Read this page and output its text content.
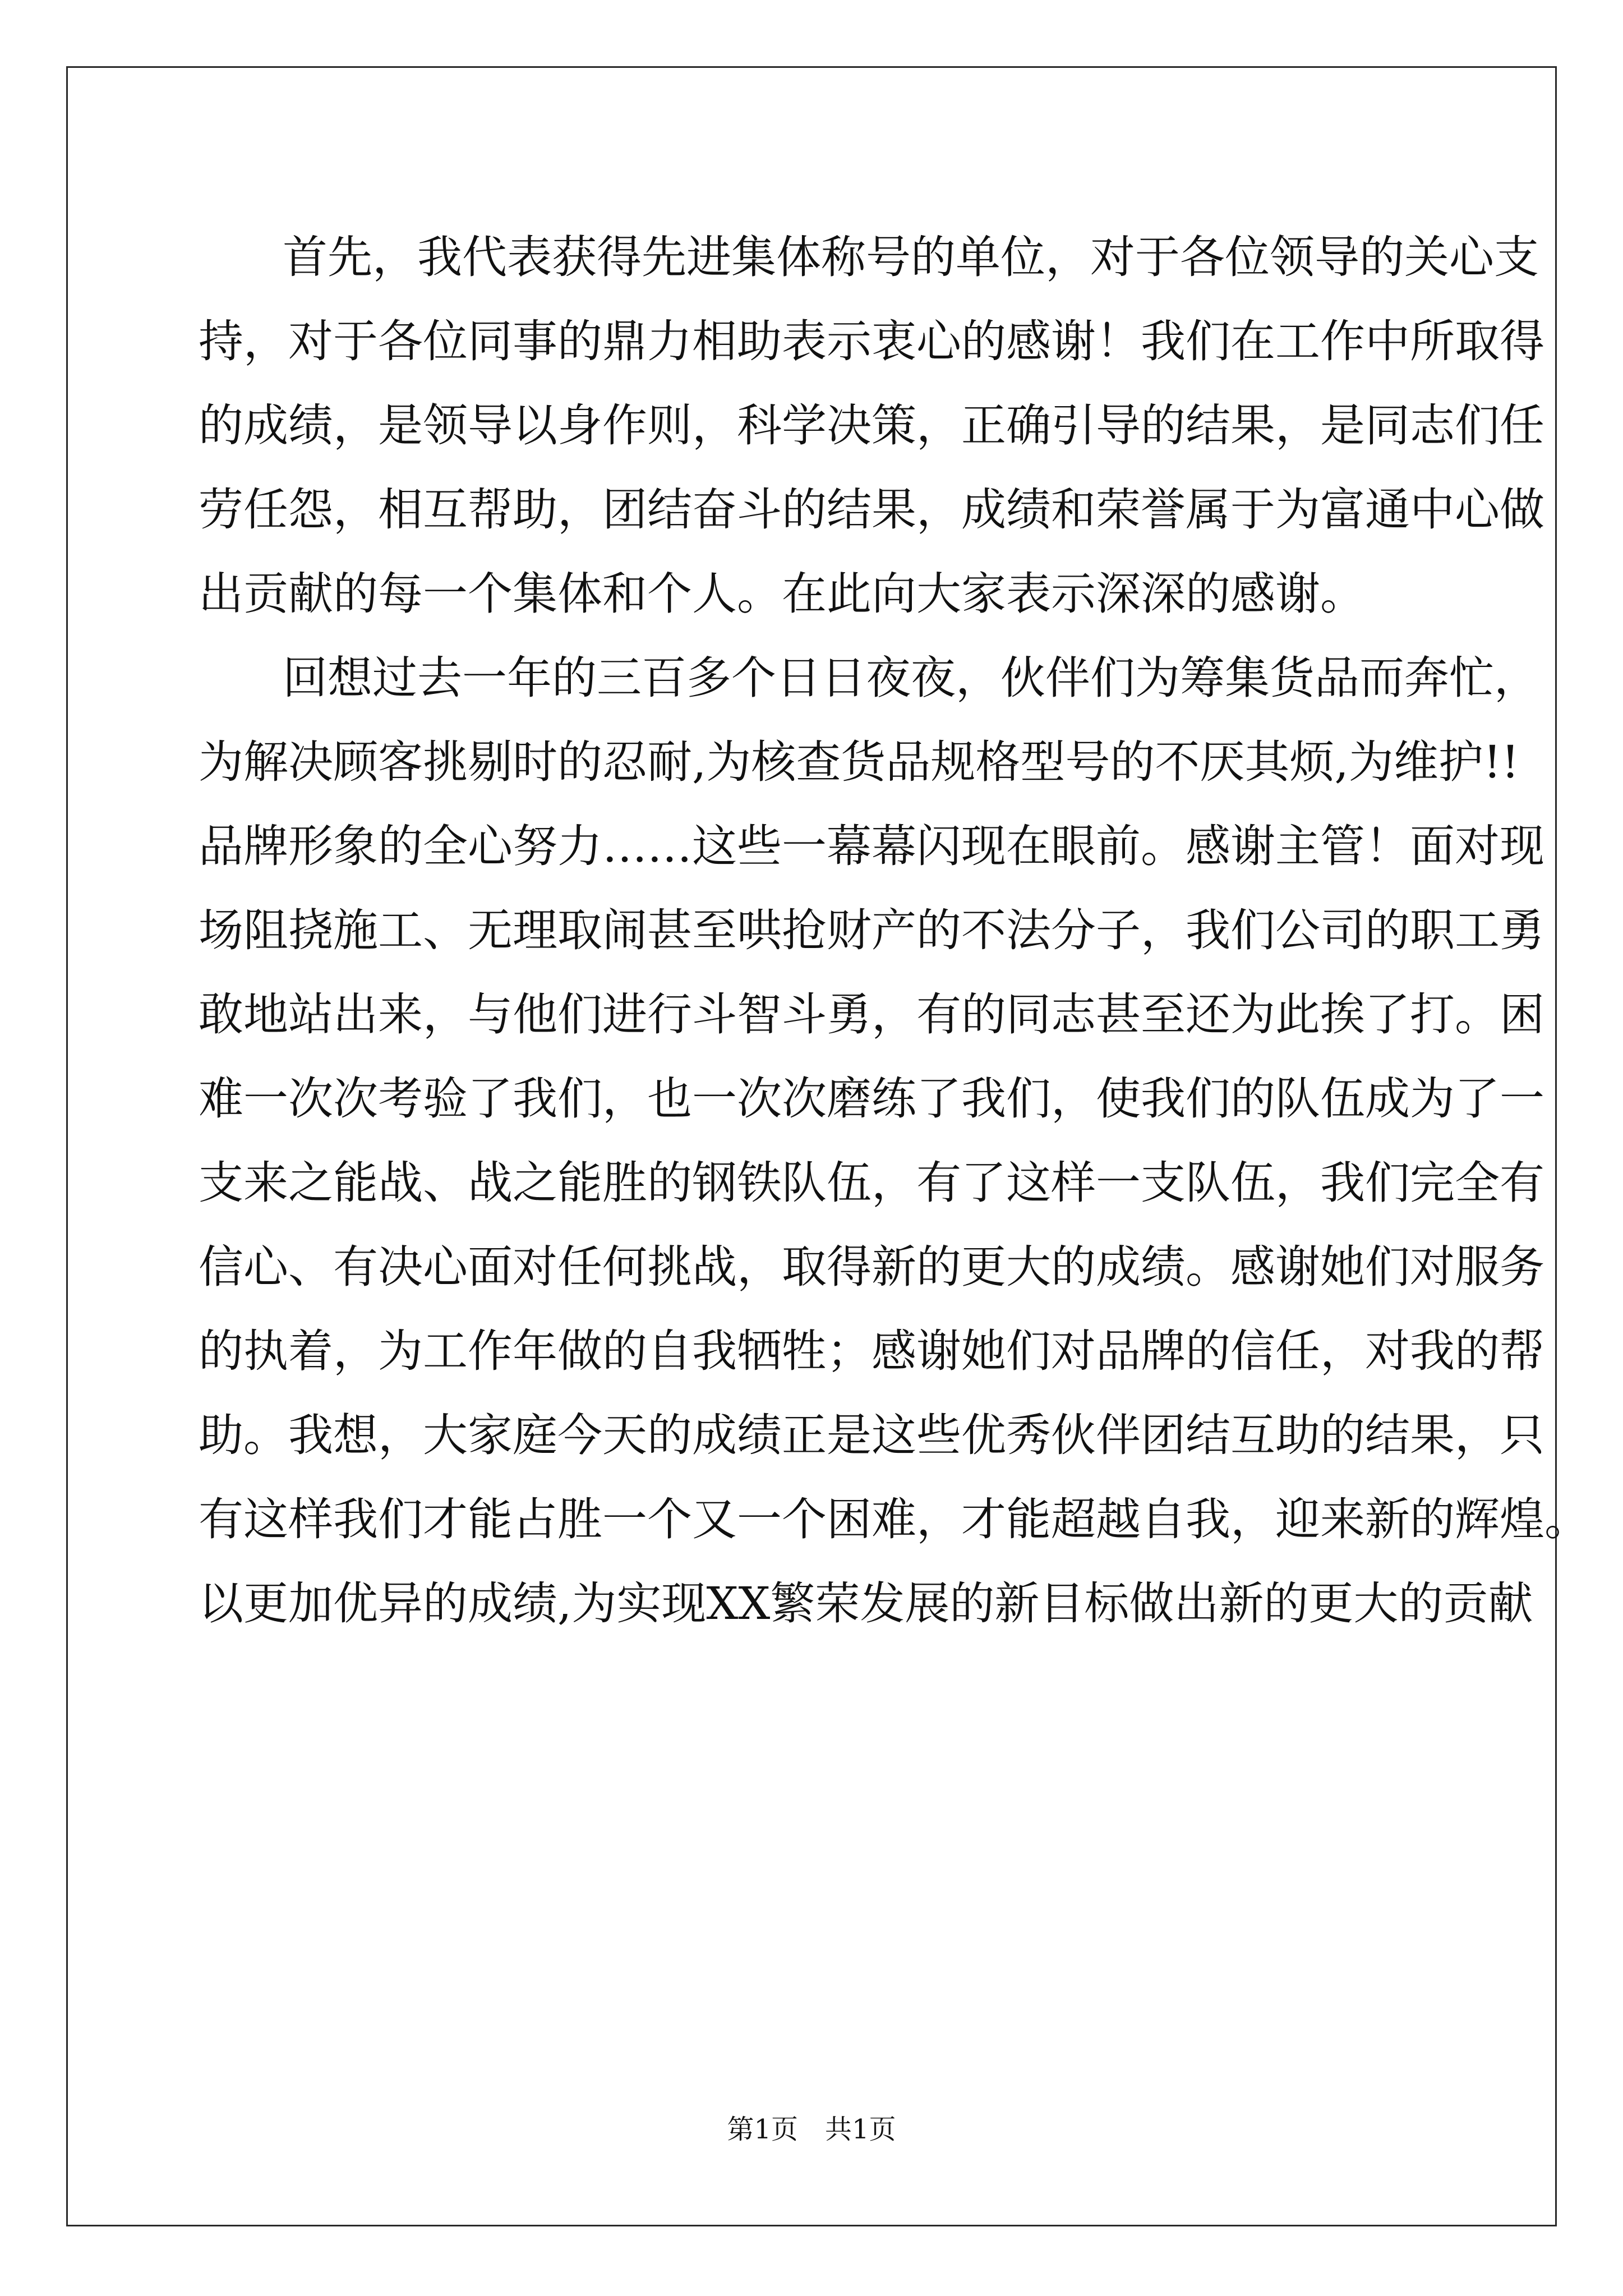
首先，我代表获得先进集体称号的单位，对于各位领导的关心支
持，对于各位同事的鼎力相助表示衷心的感谢！我们在工作中所取得
的成绩，是领导以身作则，科学决策，正确引导的结果，是同志们任
劳任怨，相互帮助，团结奋斗的结果，成绩和荣誉属于为富通中心做
出贡献的每一个集体和个人。在此向大家表示深深的感谢。
回想过去一年的三百多个日日夜夜，伙伴们为筹集货品而奔忙，
为解决顾客挑剔时的忍耐,为核查货品规格型号的不厌其烦,为维护!!
品牌形象的全心努力……这些一幕幕闪现在眼前。感谢主管！面对现
场阻挠施工、无理取闹甚至哄抢财产的不法分子，我们公司的职工勇
敢地站出来，与他们进行斗智斗勇，有的同志甚至还为此挨了打。困
难一次次考验了我们，也一次次磨练了我们，使我们的队伍成为了一
支来之能战、战之能胜的钢铁队伍，有了这样一支队伍，我们完全有
信心、有决心面对任何挑战，取得新的更大的成绩。感谢她们对服务
的执着，为工作年做的自我牺牲；感谢她们对品牌的信任，对我的帮
助。我想，大家庭今天的成绩正是这些优秀伙伴团结互助的结果，只
有这样我们才能占胜一个又一个困难，才能超越自我，迎来新的辉煌。
以更加优异的成绩,为实现XX繁荣发展的新目标做出新的更大的贡献
第1页　共1页
